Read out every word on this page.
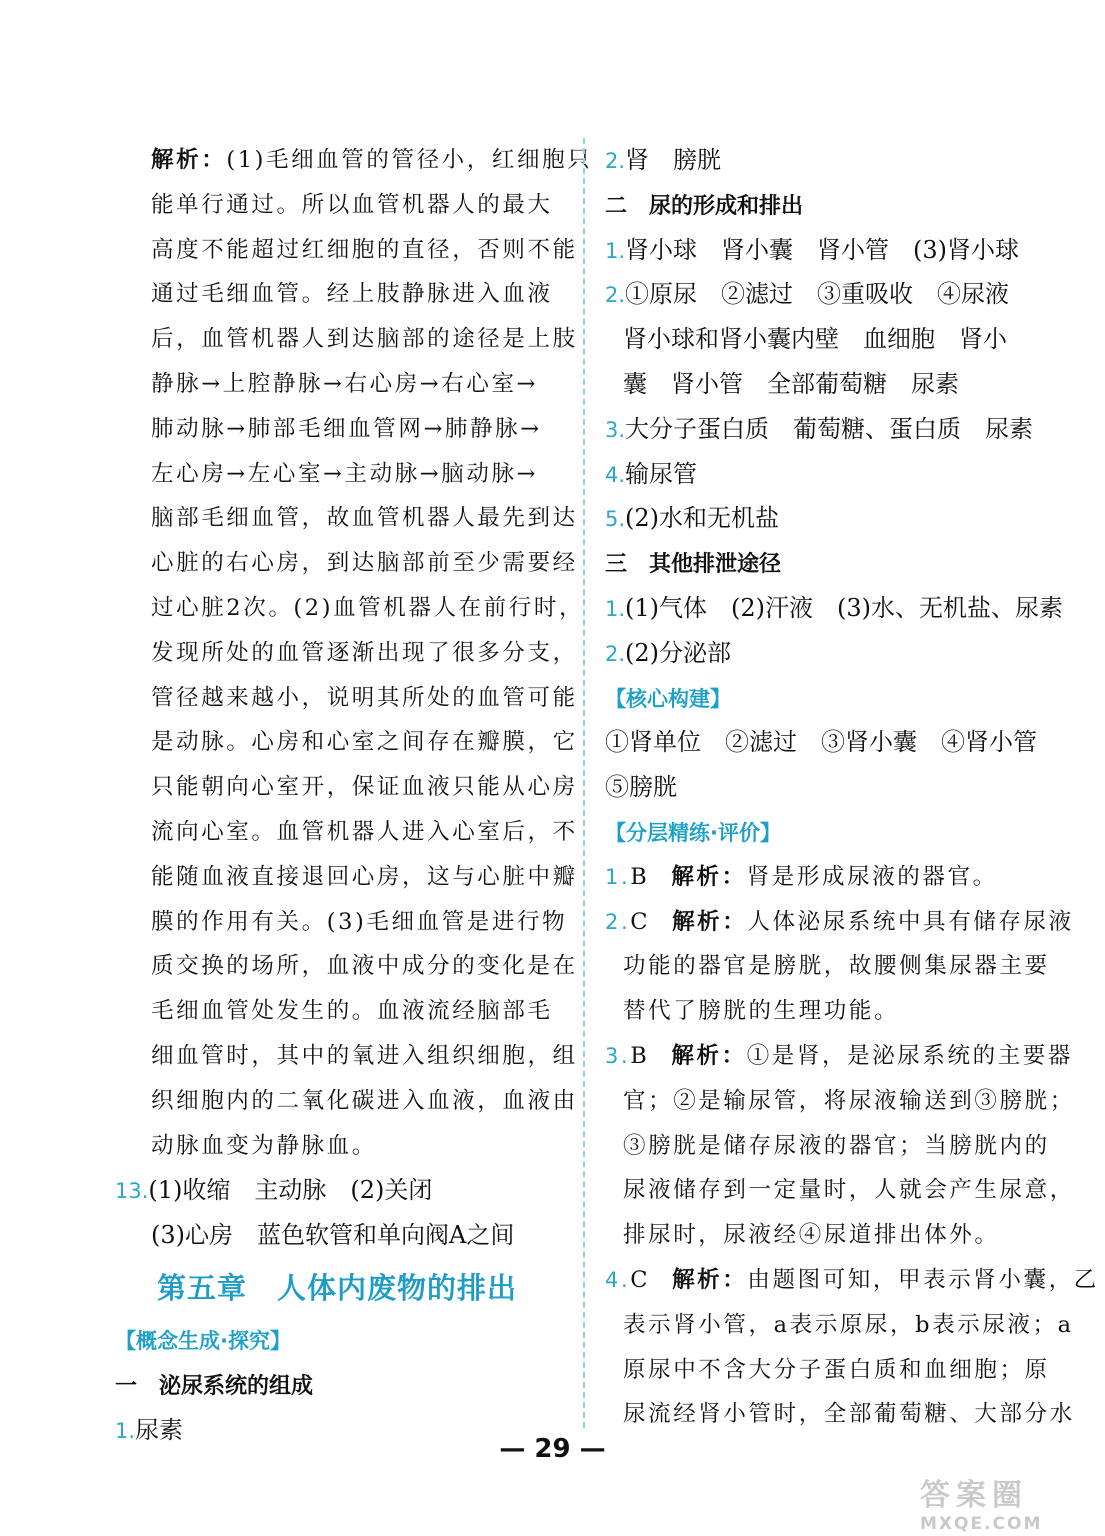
解析：(1)毛细血管的管径小，红细胞只
能单行通过。所以血管机器人的最大
高度不能超过红细胞的直径，否则不能
通过毛细血管。经上肢静脉进入血液
后，血管机器人到达脑部的途径是上肢
静脉→上腔静脉→右心房→右心室→
肺动脉→肺部毛细血管网→肺静脉→
左心房→左心室→主动脉→脑动脉→
脑部毛细血管，故血管机器人最先到达
心脏的右心房，到达脑部前至少需要经
过心脏2次。(2)血管机器人在前行时，
发现所处的血管逐渐出现了很多分支，
管径越来越小，说明其所处的血管可能
是动脉。心房和心室之间存在瓣膜，它
只能朝向心室开，保证血液只能从心房
流向心室。血管机器人进入心室后，不
能随血液直接退回心房，这与心脏中瓣
膜的作用有关。(3)毛细血管是进行物
质交换的场所，血液中成分的变化是在
毛细血管处发生的。血液流经脑部毛
细血管时，其中的氧进入组织细胞，组
织细胞内的二氧化碳进入血液，血液由
动脉血变为静脉血。
13.(1)收缩　主动脉　(2)关闭
(3)心房　蓝色软管和单向阀A之间
第五章　人体内废物的排出
【概念生成·探究】
一　泌尿系统的组成
1.尿素
2.肾　膀胱
二　尿的形成和排出
1.肾小球　肾小囊　肾小管　(3)肾小球
2.①原尿　②滤过　③重吸收　④尿液
肾小球和肾小囊内壁　血细胞　肾小
囊　肾小管　全部葡萄糖　尿素
3.大分子蛋白质　葡萄糖、蛋白质　尿素
4.输尿管
5.(2)水和无机盐
三　其他排泄途径
1.(1)气体　(2)汗液　(3)水、无机盐、尿素
2.(2)分泌部
【核心构建】
①肾单位　②滤过　③肾小囊　④肾小管
⑤膀胱
【分层精练·评价】
1.B 解析：肾是形成尿液的器官。
2.C 解析：人体泌尿系统中具有储存尿液
功能的器官是膀胱，故腰侧集尿器主要
替代了膀胱的生理功能。
3.B 解析：①是肾，是泌尿系统的主要器
官；②是输尿管，将尿液输送到③膀胱；
③膀胱是储存尿液的器官；当膀胱内的
尿液储存到一定量时，人就会产生尿意，
排尿时，尿液经④尿道排出体外。
4.C 解析：由题图可知，甲表示肾小囊，乙
表示肾小管，a表示原尿，b表示尿液；a
原尿中不含大分子蛋白质和血细胞；原
尿流经肾小管时，全部葡萄糖、大部分水
— 29 —
答案圈
MXQE.COM
